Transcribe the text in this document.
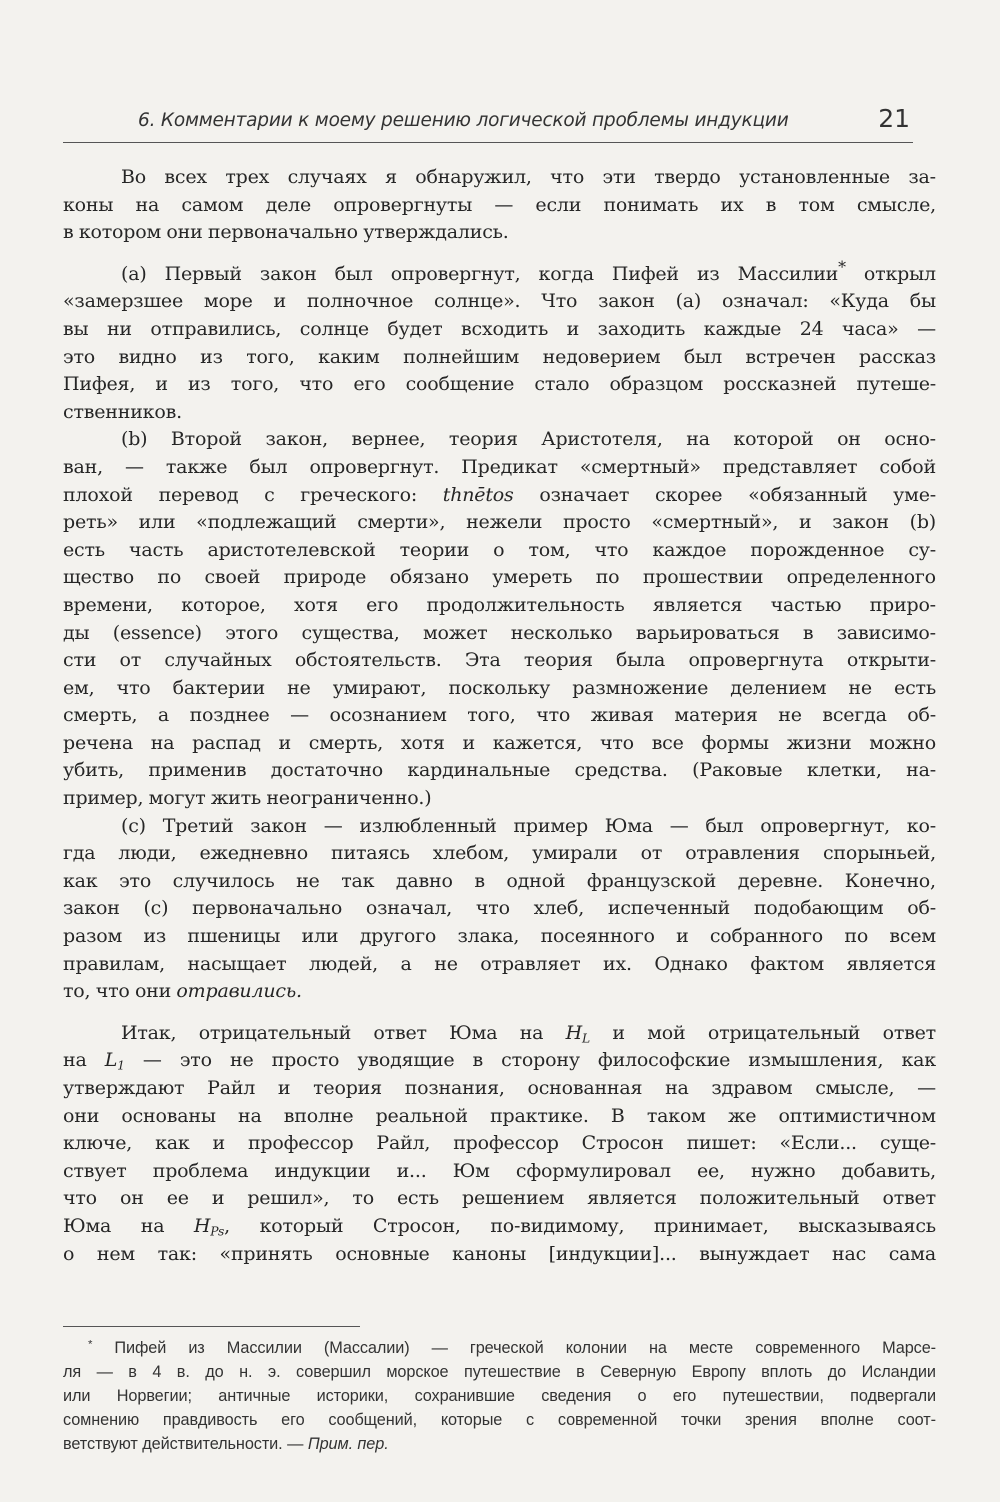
6. Комментарии к моему решению логической проблемы индукции	21
Во всех трех случаях я обнаружил, что эти твердо установленные за-
коны на самом деле опровергнуты — если понимать их в том смысле,
в котором они первоначально утверждались.
(а) Первый закон был опровергнут, когда Пифей из Массилии* открыл
«замерзшее море и полночное солнце». Что закон (а) означал: «Куда бы
вы ни отправились, солнце будет всходить и заходить каждые 24 часа» —
это видно из того, каким полнейшим недоверием был встречен рассказ
Пифея, и из того, что его сообщение стало образцом россказней путеше-
ственников.
(b) Второй закон, вернее, теория Аристотеля, на которой он осно-
ван, — также был опровергнут. Предикат «смертный» представляет собой
плохой перевод с греческого: thnētos означает скорее «обязанный уме-
реть» или «подлежащий смерти», нежели просто «смертный», и закон (b)
есть часть аристотелевской теории о том, что каждое порожденное су-
щество по своей природе обязано умереть по прошествии определенного
времени, которое, хотя его продолжительность является частью приро-
ды (essence) этого существа, может несколько варьироваться в зависимо-
сти от случайных обстоятельств. Эта теория была опровергнута открыти-
ем, что бактерии не умирают, поскольку размножение делением не есть
смерть, а позднее — осознанием того, что живая материя не всегда об-
речена на распад и смерть, хотя и кажется, что все формы жизни можно
убить, применив достаточно кардинальные средства. (Раковые клетки, на-
пример, могут жить неограниченно.)
(с) Третий закон — излюбленный пример Юма — был опровергнут, ко-
гда люди, ежедневно питаясь хлебом, умирали от отравления спорыньей,
как это случилось не так давно в одной французской деревне. Конечно,
закон (с) первоначально означал, что хлеб, испеченный подобающим об-
разом из пшеницы или другого злака, посеянного и собранного по всем
правилам, насыщает людей, а не отравляет их. Однако фактом является
то, что они отравились.
Итак, отрицательный ответ Юма на $H_L$ и мой отрицательный ответ
на $L_1$ — это не просто уводящие в сторону философские измышления, как
утверждают Райл и теория познания, основанная на здравом смысле, —
они основаны на вполне реальной практике. В таком же оптимистичном
ключе, как и профессор Райл, профессор Стросон пишет: «Если... суще-
ствует проблема индукции и... Юм сформулировал ее, нужно добавить,
что он ее и решил», то есть решением является положительный ответ
Юма на $H_{Ps}$, который Стросон, по-видимому, принимает, высказываясь
о нем так: «принять основные каноны [индукции]... вынуждает нас сама
* Пифей из Массилии (Массалии) — греческой колонии на месте современного Марсе-
ля — в 4 в. до н. э. совершил морское путешествие в Северную Европу вплоть до Исландии
или Норвегии; античные историки, сохранившие сведения о его путешествии, подвергали
сомнению правдивость его сообщений, которые с современной точки зрения вполне соот-
ветствуют действительности. — Прим. пер.
